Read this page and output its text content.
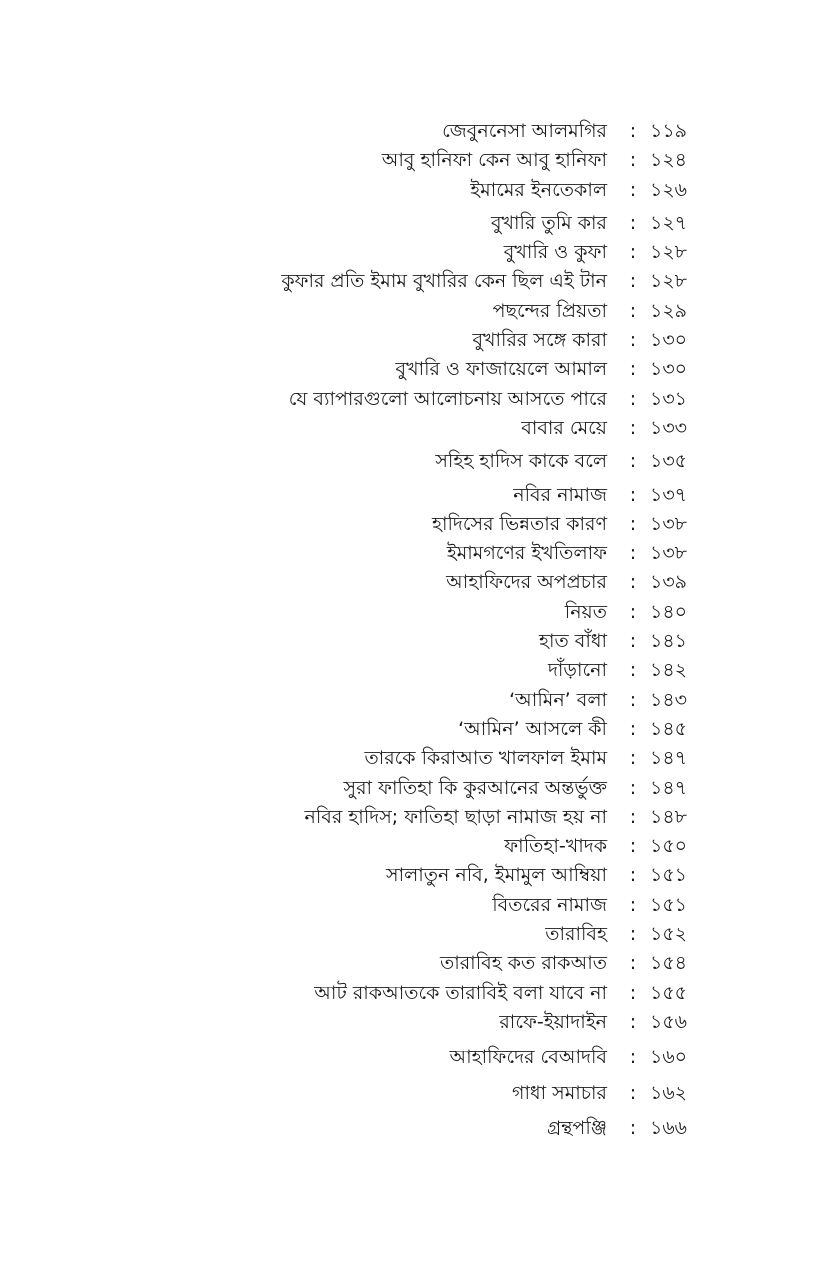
জেবুননেসা আলমগির : ১১৯
আবু হানিফা কেন আবু হানিফা : ১২৪
ইমামের ইনতেকাল : ১২৬
বুখারি তুমি কার : ১২৭
বুখারি ও কুফা : ১২৮
কুফার প্রতি ইমাম বুখারির কেন ছিল এই টান : ১২৮
পছন্দের প্রিয়তা : ১২৯
বুখারির সঙ্গে কারা : ১৩০
বুখারি ও ফাজায়েলে আমাল : ১৩০
যে ব্যাপারগুলো আলোচনায় আসতে পারে : ১৩১
বাবার মেয়ে : ১৩৩
সহিহ হাদিস কাকে বলে : ১৩৫
নবির নামাজ : ১৩৭
হাদিসের ভিন্নতার কারণ : ১৩৮
ইমামগণের ইখতিলাফ : ১৩৮
আহাফিদের অপপ্রচার : ১৩৯
নিয়ত : ১৪০
হাত বাঁধা : ১৪১
দাঁড়ানো : ১৪২
‘আমিন’ বলা : ১৪৩
‘আমিন’ আসলে কী : ১৪৫
তারকে কিরাআত খালফাল ইমাম : ১৪৭
সুরা ফাতিহা কি কুরআনের অন্তর্ভুক্ত : ১৪৭
নবির হাদিস; ফাতিহা ছাড়া নামাজ হয় না : ১৪৮
ফাতিহা-খাদক : ১৫০
সালাতুন নবি, ইমামুল আম্বিয়া : ১৫১
বিতরের নামাজ : ১৫১
তারাবিহ : ১৫২
তারাবিহ কত রাকআত : ১৫৪
আট রাকআতকে তারাবিই বলা যাবে না : ১৫৫
রাফে-ইয়াদাইন : ১৫৬
আহাফিদের বেআদবি : ১৬০
গাধা সমাচার : ১৬২
গ্রন্থপঞ্জি : ১৬৬
